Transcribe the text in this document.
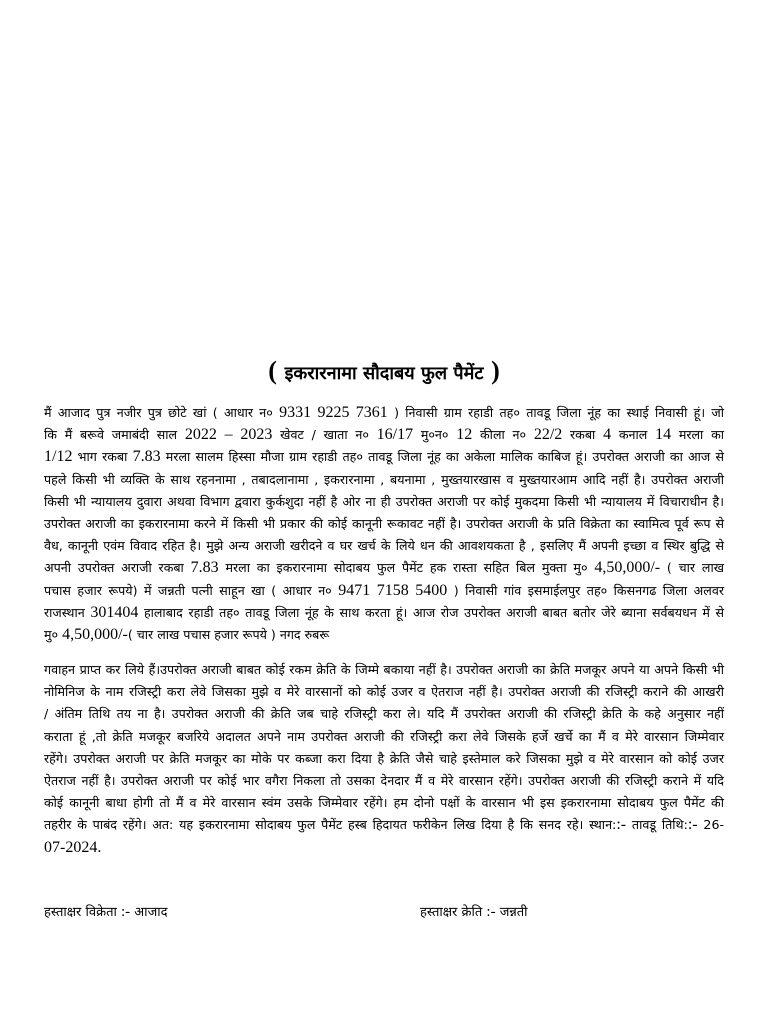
( इकरारनामा सौदाबय फुल पैमेंट )
मैं आजाद पुत्र नजीर पुत्र छोटे खां ( आधार न० 9331 9225 7361 ) निवासी ग्राम रहाडी तह० तावडू जिला नूंह का स्थाई निवासी हूं। जो
कि मैं बरूवे जमाबंदी साल 2022 – 2023 खेवट / खाता न० 16/17 मु०न० 12 कीला न० 22/2 रकबा 4 कनाल 14 मरला का
1/12 भाग रकबा 7.83 मरला सालम हिस्सा मौजा ग्राम रहाडी तह० तावडू जिला नूंह का अकेला मालिक काबिज हूं। उपरोक्त अराजी का आज से
पहले किसी भी व्यक्ति के साथ रहननामा , तबादलानामा , इकरारनामा , बयनामा , मुख्तयारखास व मुख्तयारआम आदि नहीं है। उपरोक्त अराजी
किसी भी न्यायालय दुवारा अथवा विभाग द्ववारा कुर्कशुदा नहीं है ओर ना ही उपरोक्त अराजी पर कोई मुकदमा किसी भी न्यायालय में विचाराधीन है।
उपरोक्त अराजी का इकरारनामा करने में किसी भी प्रकार की कोई कानूनी रूकावट नहीं है। उपरोक्त अराजी के प्रति विक्रेता का स्वामित्व पूर्व रूप से
वैध, कानूनी एवंम विवाद रहित है। मुझे अन्य अराजी खरीदने व घर खर्च के लिये धन की आवशयकता है , इसलिए मैं अपनी इच्छा व स्थिर बुद्धि से
अपनी उपरोक्त अराजी रकबा 7.83 मरला का इकरारनामा सोदाबय फुल पैमेंट हक रास्ता सहित बिल मुक्ता मु० 4,50,000/- ( चार लाख
पचास हजार रूपये) में जन्नती पत्नी साहून खा ( आधार न० 9471 7158 5400 ) निवासी गांव इसमाईलपुर तह० किसनगढ जिला अलवर
राजस्थान 301404 हालाबाद रहाडी तह० तावडू जिला नूंह के साथ करता हूं। आज रोज उपरोक्त अराजी बाबत बतोर जेरे ब्याना सर्वबयधन में से
मु० 4,50,000/-( चार लाख पचास हजार रूपये ) नगद रुबरू
गवाहन प्राप्त कर लिये हैं।उपरोक्त अराजी बाबत कोई रकम क्रेति के जिम्मे बकाया नहीं है। उपरोक्त अराजी का क्रेति मजकूर अपने या अपने किसी भी
नोमिनिज के नाम रजिस्ट्री करा लेवे जिसका मुझे व मेरे वारसानों को कोई उजर व ऐतराज नहीं है। उपरोक्त अराजी की रजिस्ट्री कराने की आखरी
/ अंतिम तिथि तय ना है। उपरोक्त अराजी की क्रेति जब चाहे रजिस्ट्री करा ले। यदि मैं उपरोक्त अराजी की रजिस्ट्री क्रेति के कहे अनुसार नहीं
कराता हूं ,तो क्रेति मजकूर बजरिये अदालत अपने नाम उपरोक्त अराजी की रजिस्ट्री करा लेवे जिसके हर्जे खर्चे का मैं व मेरे वारसान जिम्मेवार
रहेंगे। उपरोक्त अराजी पर क्रेति मजकूर का मोके पर कब्जा करा दिया है क्रेति जैसे चाहे इस्तेमाल करे जिसका मुझे व मेरे वारसान को कोई उजर
ऐतराज नहीं है। उपरोक्त अराजी पर कोई भार वगैरा निकला तो उसका देनदार मैं व मेरे वारसान रहेंगे। उपरोक्त अराजी की रजिस्ट्री कराने में यदि
कोई कानूनी बाधा होगी तो मैं व मेरे वारसान स्वंम उसके जिम्मेवार रहेंगे। हम दोनो पक्षों के वारसान भी इस इकरारनामा सोदाबय फुल पैमेंट की
तहरीर के पाबंद रहेंगे। अत: यह इकरारनामा सोदाबय फुल पैमेंट हस्ब हिदायत फरीकेन लिख दिया है कि सनद रहे। स्थान::- तावडू तिथि::- 26-
07-2024.
हस्ताक्षर विक्रेता :- आजाद	हस्ताक्षर क्रेति :- जन्नती
